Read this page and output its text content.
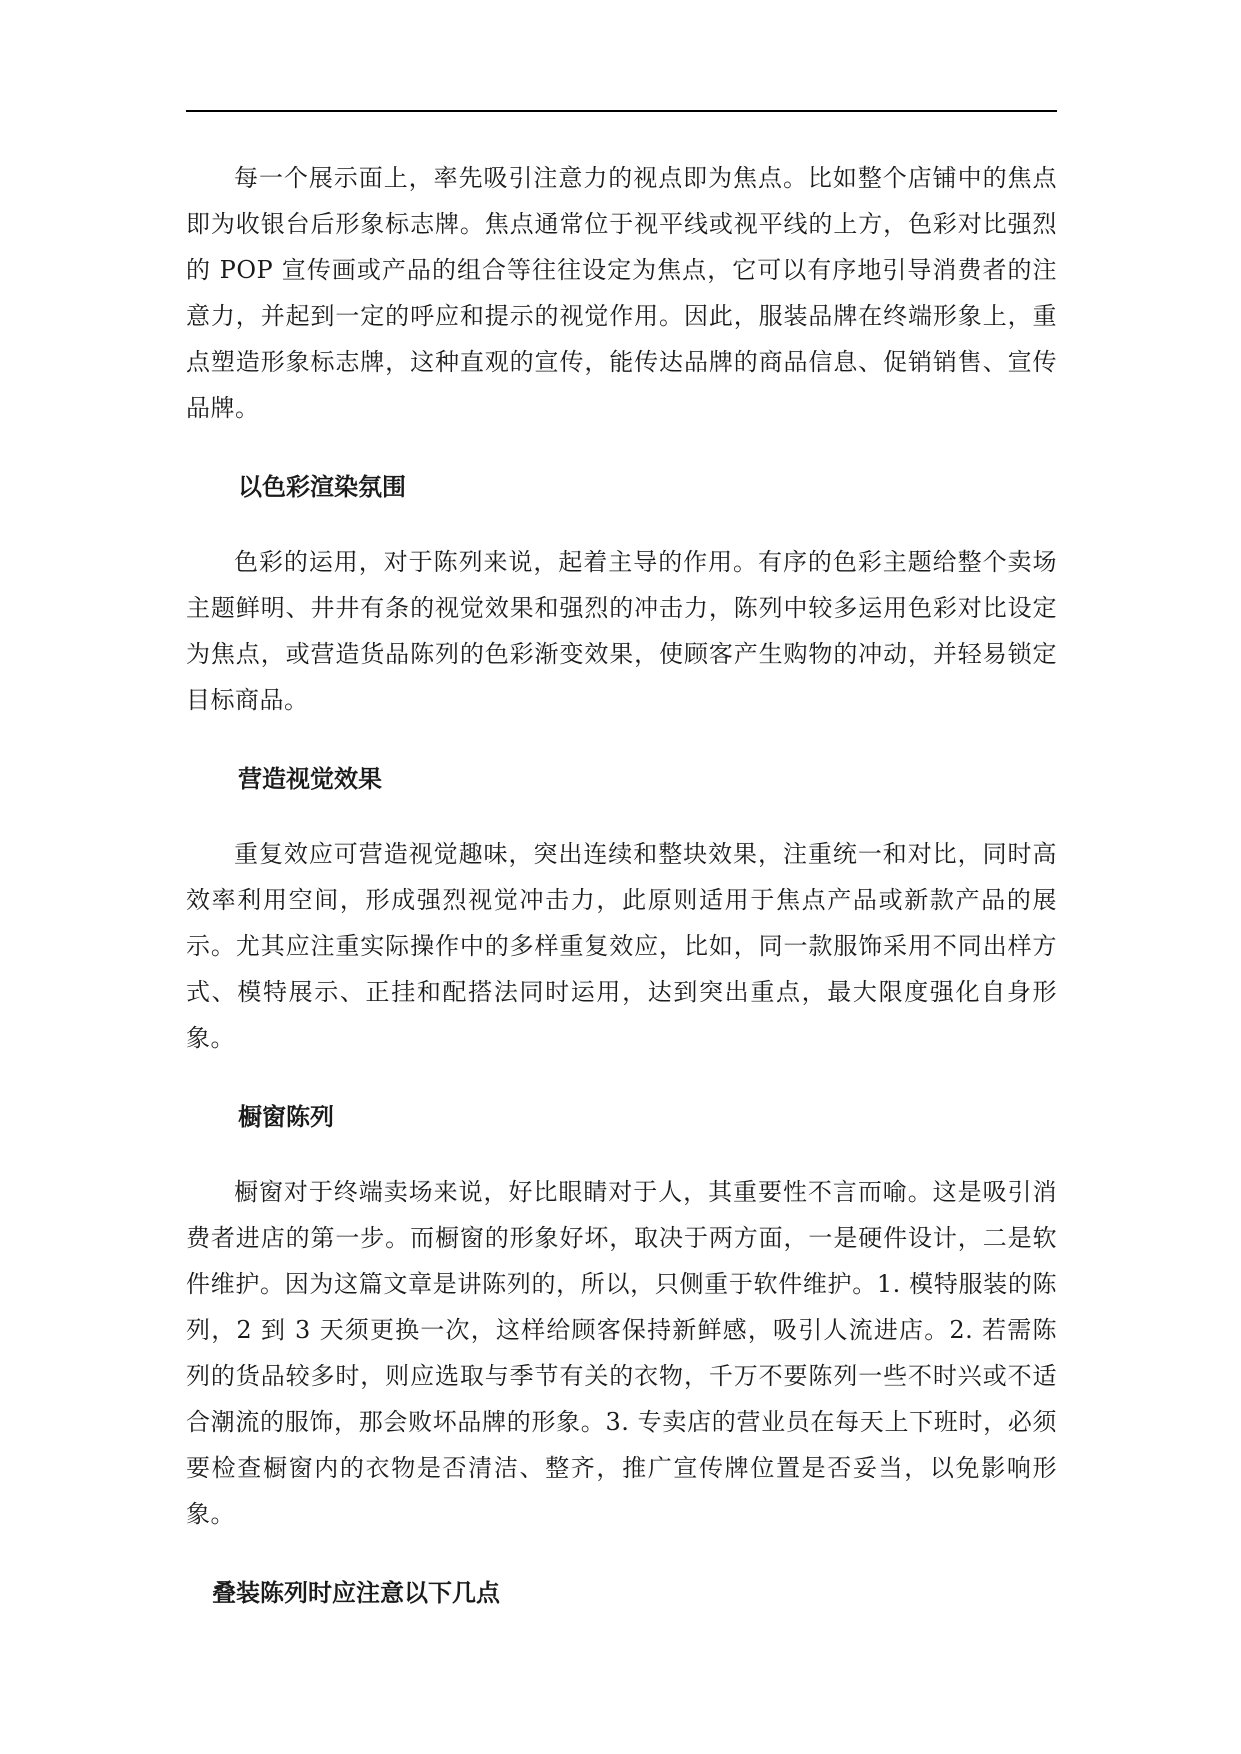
每一个展示面上，率先吸引注意力的视点即为焦点。比如整个店铺中的焦点即为收银台后形象标志牌。焦点通常位于视平线或视平线的上方，色彩对比强烈的 POP 宣传画或产品的组合等往往设定为焦点，它可以有序地引导消费者的注意力，并起到一定的呼应和提示的视觉作用。因此，服装品牌在终端形象上，重点塑造形象标志牌，这种直观的宣传，能传达品牌的商品信息、促销销售、宣传品牌。

以色彩渲染氛围

色彩的运用，对于陈列来说，起着主导的作用。有序的色彩主题给整个卖场主题鲜明、井井有条的视觉效果和强烈的冲击力，陈列中较多运用色彩对比设定为焦点，或营造货品陈列的色彩渐变效果，使顾客产生购物的冲动，并轻易锁定目标商品。

营造视觉效果

重复效应可营造视觉趣味，突出连续和整块效果，注重统一和对比，同时高效率利用空间，形成强烈视觉冲击力，此原则适用于焦点产品或新款产品的展示。尤其应注重实际操作中的多样重复效应，比如，同一款服饰采用不同出样方式、模特展示、正挂和配搭法同时运用，达到突出重点，最大限度强化自身形象。

橱窗陈列

橱窗对于终端卖场来说，好比眼睛对于人，其重要性不言而喻。这是吸引消费者进店的第一步。而橱窗的形象好坏，取决于两方面，一是硬件设计，二是软件维护。因为这篇文章是讲陈列的，所以，只侧重于软件维护。1. 模特服装的陈列，2 到 3 天须更换一次，这样给顾客保持新鲜感，吸引人流进店。2. 若需陈列的货品较多时，则应选取与季节有关的衣物，千万不要陈列一些不时兴或不适合潮流的服饰，那会败坏品牌的形象。3. 专卖店的营业员在每天上下班时，必须要检查橱窗内的衣物是否清洁、整齐，推广宣传牌位置是否妥当，以免影响形象。

叠装陈列时应注意以下几点
